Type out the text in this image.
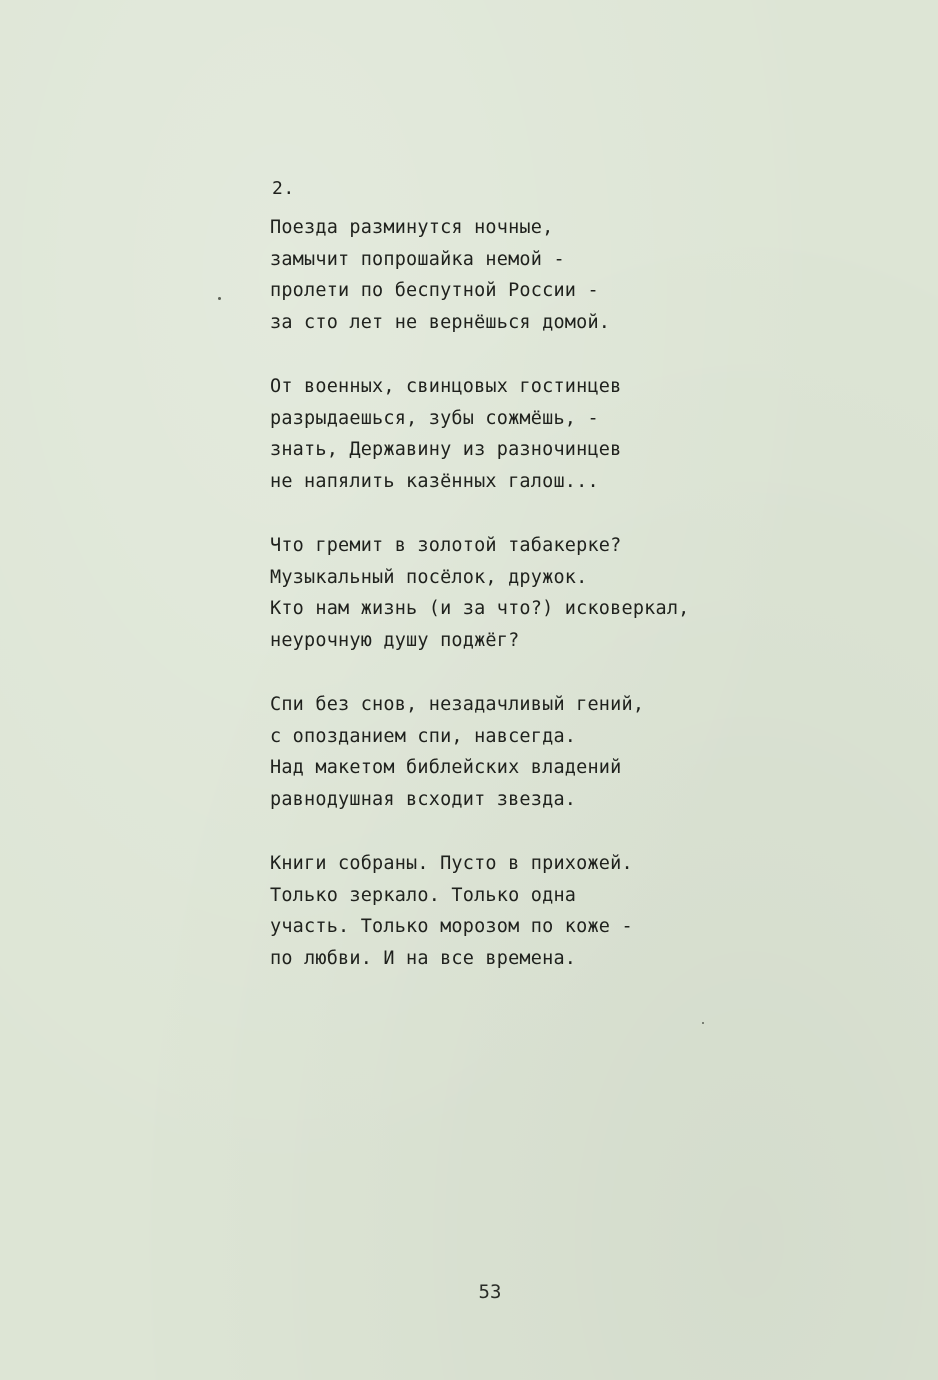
2.
Поезда разминутся ночные,
замычит попрошайка немой -
пролети по беспутной России -
за сто лет не вернёшься домой.
От военных, свинцовых гостинцев
разрыдаешься, зубы сожмёшь, -
знать, Державину из разночинцев
не напялить казённых галош...
Что гремит в золотой табакерке?
Музыкальный посёлок, дружок.
Кто нам жизнь (и за что?) исковеркал,
неурочную душу поджёг?
Спи без снов, незадачливый гений,
с опозданием спи, навсегда.
Над макетом библейских владений
равнодушная всходит звезда.
Книги собраны. Пусто в прихожей.
Только зеркало. Только одна
участь. Только морозом по коже -
по любви. И на все времена.
53
